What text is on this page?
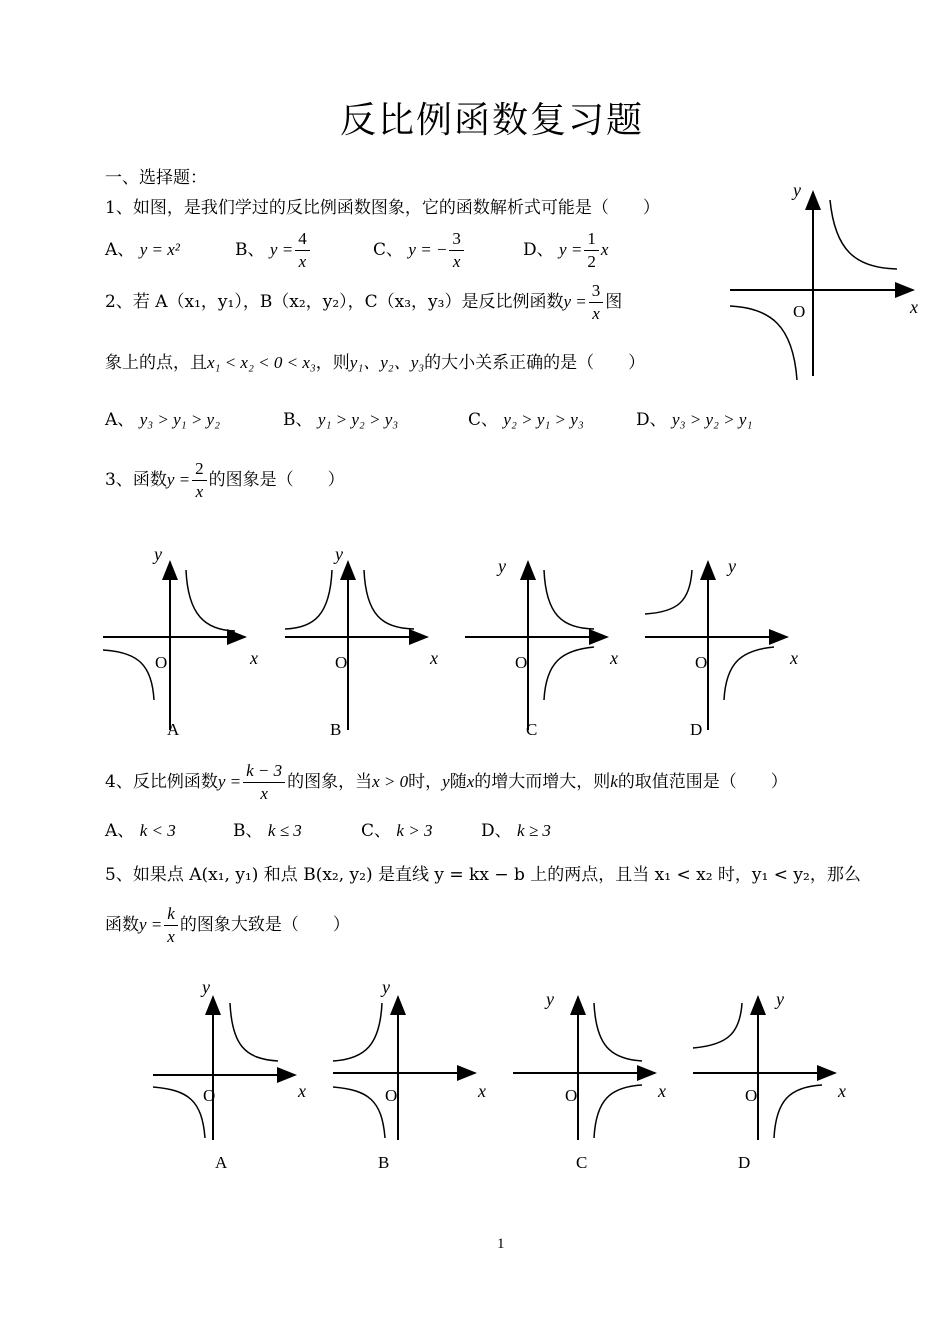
反比例函数复习题
一、选择题：
1、如图，是我们学过的反比例函数图象，它的函数解析式可能是（　　）
A、 y = x²	B、 $y = \frac{4}{x}$	C、 y = − $\frac{3}{x}$	D、 $y = \frac{1}{2}$ x
y
x
O
2、若 A（x₁，y₁），B（x₂，y₂），C（x₃，y₃）是反比例函数$y = \frac{3}{x}$ 图
象上的点，且x₁ < x₂ < 0 < x₃，则y₁、y₂、y₃的大小关系正确的是（　　）
A、 y₃ > y₁ > y₂	B、 y₁ > y₂ > y₃	C、 y₂ > y₁ > y₃	D、 y₃ > y₂ > y₁
3、函数$y = \frac{2}{x}$ 的图象是（　　）
y
x
O
A
y
x
O
B
y
x
O
C
y
x
O
D
4、反比例函数$y = \frac{k - 3}{x}$ 的图象，当x > 0时，y随x的增大而增大，则k的取值范围是（　　）
A、 k < 3	B、 k ≤ 3	C、 k > 3	D、 k ≥ 3
5、如果点 A(x₁, y₁) 和点 B(x₂, y₂) 是直线 y = kx − b 上的两点，且当 x₁ < x₂ 时，y₁ < y₂，那么
函数$y = \frac{k}{x}$ 的图象大致是（　　）
y
x
O
A
y
x
O
B
y
x
O
C
y
x
O
D
1
